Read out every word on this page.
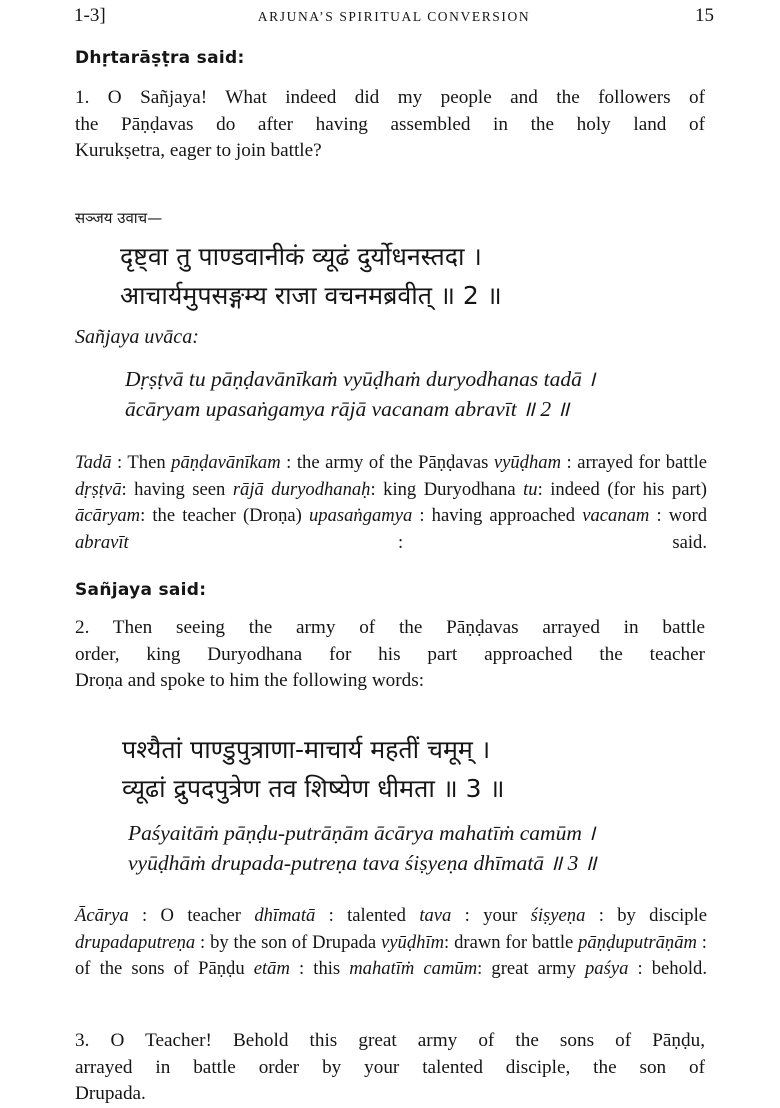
1-3]	ARJUNA’S SPIRITUAL CONVERSION	15
Dhṛtarāṣṭra said:
1. O Sañjaya! What indeed did my people and the followers of
the Pāṇḍavas do after having assembled in the holy land of
Kurukṣetra, eager to join battle?
सञ्जय उवाच—
दृष्ट्वा तु पाण्डवानीकं व्यूढं दुर्योधनस्तदा ।
आचार्यमुपसङ्गम्य राजा वचनमब्रवीत् ॥ 2 ॥
Sañjaya uvāca:
Dṛṣṭvā tu pāṇḍavānīkaṁ vyūḍhaṁ duryodhanas tadā ।
ācāryam upasaṅgamya rājā vacanam abravīt ॥ 2 ॥
Tadā : Then pāṇḍavānīkam : the army of the Pāṇḍavas vyūḍham : arrayed for battle dṛṣṭvā: having seen rājā duryodhanaḥ: king Duryodhana tu: indeed (for his part) ācāryam: the teacher (Droṇa) upasaṅgamya : having approached vacanam : word abravīt : said.
Sañjaya said:
2. Then seeing the army of the Pāṇḍavas arrayed in battle
order, king Duryodhana for his part approached the teacher
Droṇa and spoke to him the following words:
पश्यैतां पाण्डुपुत्राणा-माचार्य महतीं चमूम् ।
व्यूढां द्रुपदपुत्रेण तव शिष्येण धीमता ॥ 3 ॥
Paśyaitāṁ pāṇḍu-putrāṇām ācārya mahatīṁ camūm ।
vyūḍhāṁ drupada-putreṇa tava śiṣyeṇa dhīmatā ॥ 3 ॥
Ācārya : O teacher dhīmatā : talented tava : your śiṣyeṇa : by disciple drupadaputreṇa : by the son of Drupada vyūḍhīm: drawn for battle pāṇḍuputrāṇām : of the sons of Pāṇḍu etām : this mahatīṁ camūm: great army paśya : behold.
3. O Teacher! Behold this great army of the sons of Pāṇḍu,
arrayed in battle order by your talented disciple, the son of
Drupada.
